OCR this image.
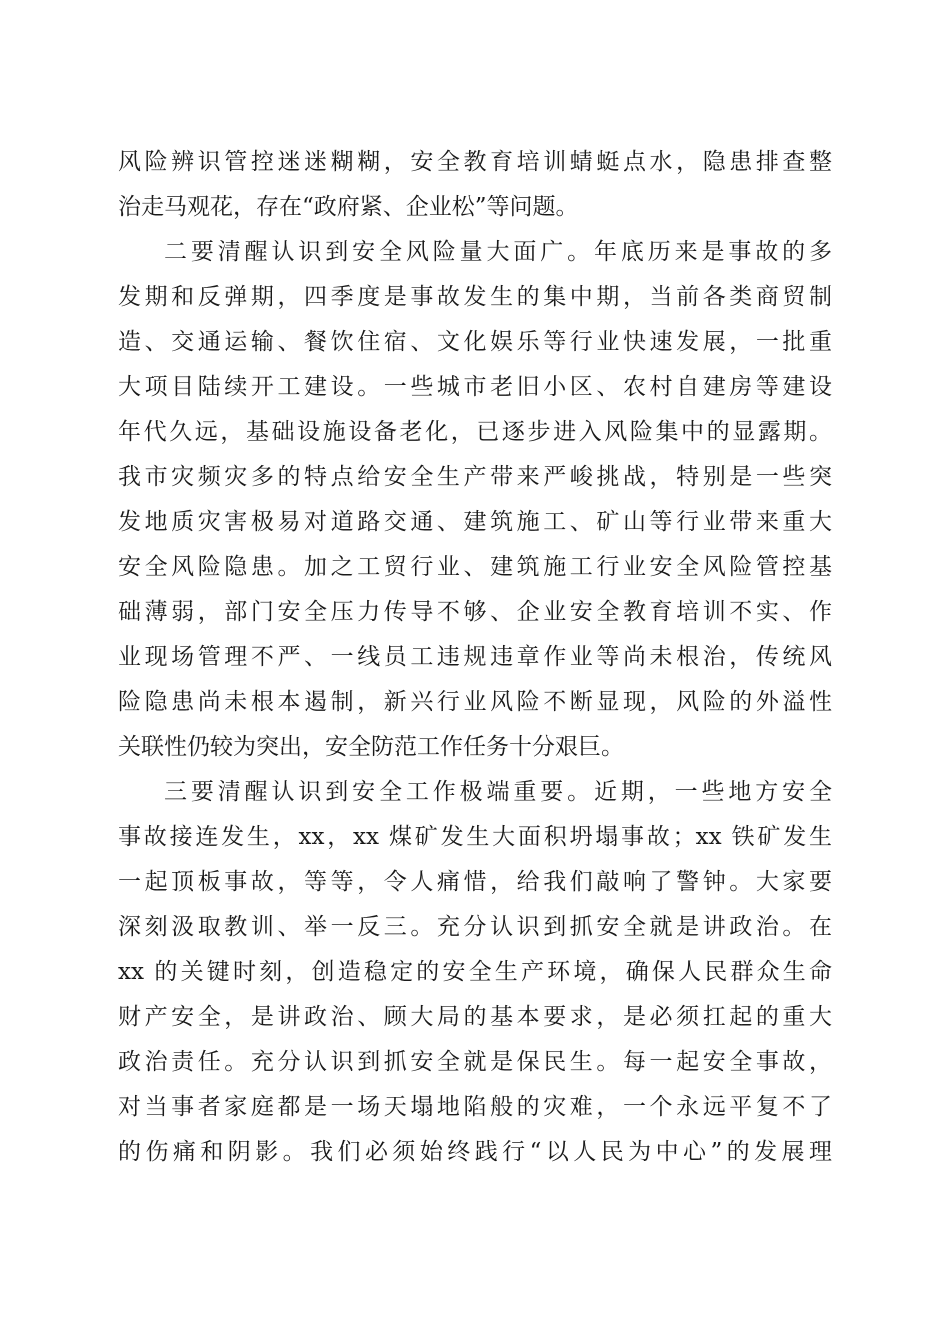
风险辨识管控迷迷糊糊，安全教育培训蜻蜓点水，隐患排查整
治走马观花，存在“政府紧、企业松”等问题。
二要清醒认识到安全风险量大面广。年底历来是事故的多
发期和反弹期，四季度是事故发生的集中期，当前各类商贸制
造、交通运输、餐饮住宿、文化娱乐等行业快速发展，一批重
大项目陆续开工建设。一些城市老旧小区、农村自建房等建设
年代久远，基础设施设备老化，已逐步进入风险集中的显露期。
我市灾频灾多的特点给安全生产带来严峻挑战，特别是一些突
发地质灾害极易对道路交通、建筑施工、矿山等行业带来重大
安全风险隐患。加之工贸行业、建筑施工行业安全风险管控基
础薄弱，部门安全压力传导不够、企业安全教育培训不实、作
业现场管理不严、一线员工违规违章作业等尚未根治，传统风
险隐患尚未根本遏制，新兴行业风险不断显现，风险的外溢性
关联性仍较为突出，安全防范工作任务十分艰巨。
三要清醒认识到安全工作极端重要。近期，一些地方安全
事故接连发生，xx，xx 煤矿发生大面积坍塌事故；xx 铁矿发生
一起顶板事故，等等，令人痛惜，给我们敲响了警钟。大家要
深刻汲取教训、举一反三。充分认识到抓安全就是讲政治。在
xx 的关键时刻，创造稳定的安全生产环境，确保人民群众生命
财产安全，是讲政治、顾大局的基本要求，是必须扛起的重大
政治责任。充分认识到抓安全就是保民生。每一起安全事故，
对当事者家庭都是一场天塌地陷般的灾难，一个永远平复不了
的伤痛和阴影。我们必须始终践行“以人民为中心”的发展理
